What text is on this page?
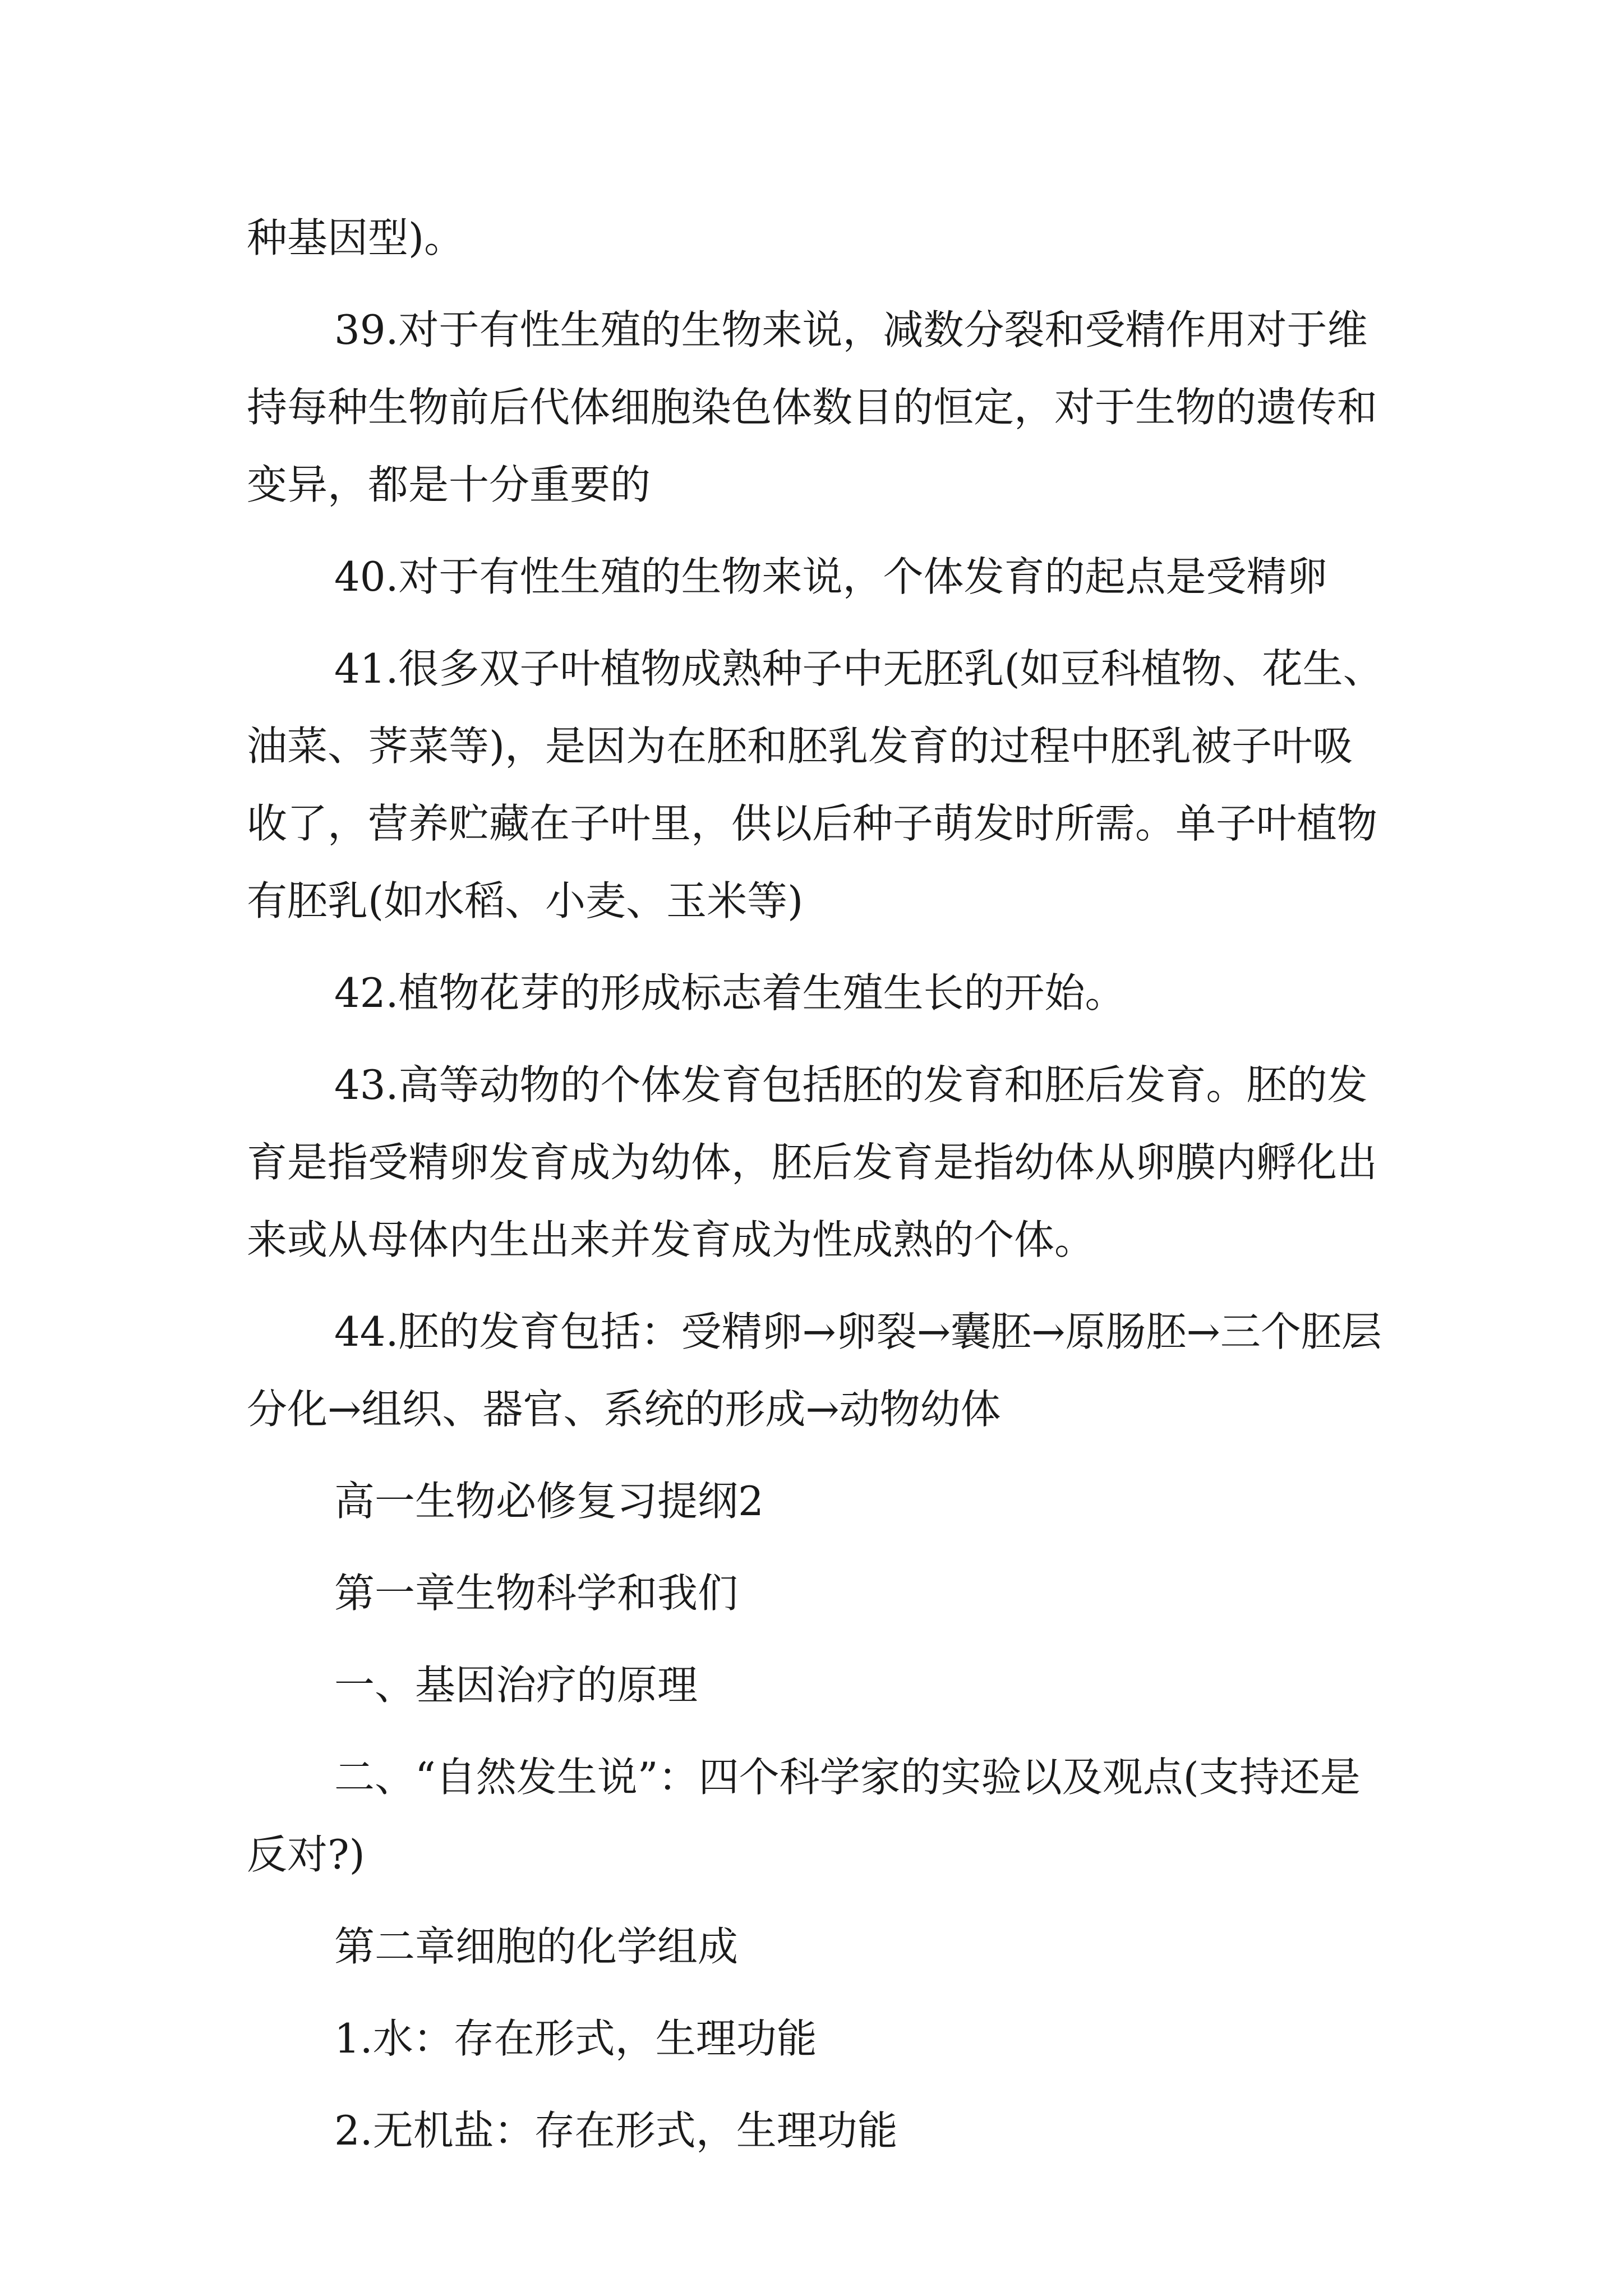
种基因型)。

39.对于有性生殖的生物来说，减数分裂和受精作用对于维持每种生物前后代体细胞染色体数目的恒定，对于生物的遗传和变异，都是十分重要的

40.对于有性生殖的生物来说，个体发育的起点是受精卵

41.很多双子叶植物成熟种子中无胚乳(如豆科植物、花生、油菜、荠菜等)，是因为在胚和胚乳发育的过程中胚乳被子叶吸收了，营养贮藏在子叶里，供以后种子萌发时所需。单子叶植物有胚乳(如水稻、小麦、玉米等)

42.植物花芽的形成标志着生殖生长的开始。

43.高等动物的个体发育包括胚的发育和胚后发育。胚的发育是指受精卵发育成为幼体，胚后发育是指幼体从卵膜内孵化出来或从母体内生出来并发育成为性成熟的个体。

44.胚的发育包括：受精卵→卵裂→囊胚→原肠胚→三个胚层分化→组织、器官、系统的形成→动物幼体

高一生物必修复习提纲2

第一章生物科学和我们

一、基因治疗的原理

二、“自然发生说”：四个科学家的实验以及观点(支持还是反对?)

第二章细胞的化学组成

1.水：存在形式，生理功能

2.无机盐：存在形式，生理功能
